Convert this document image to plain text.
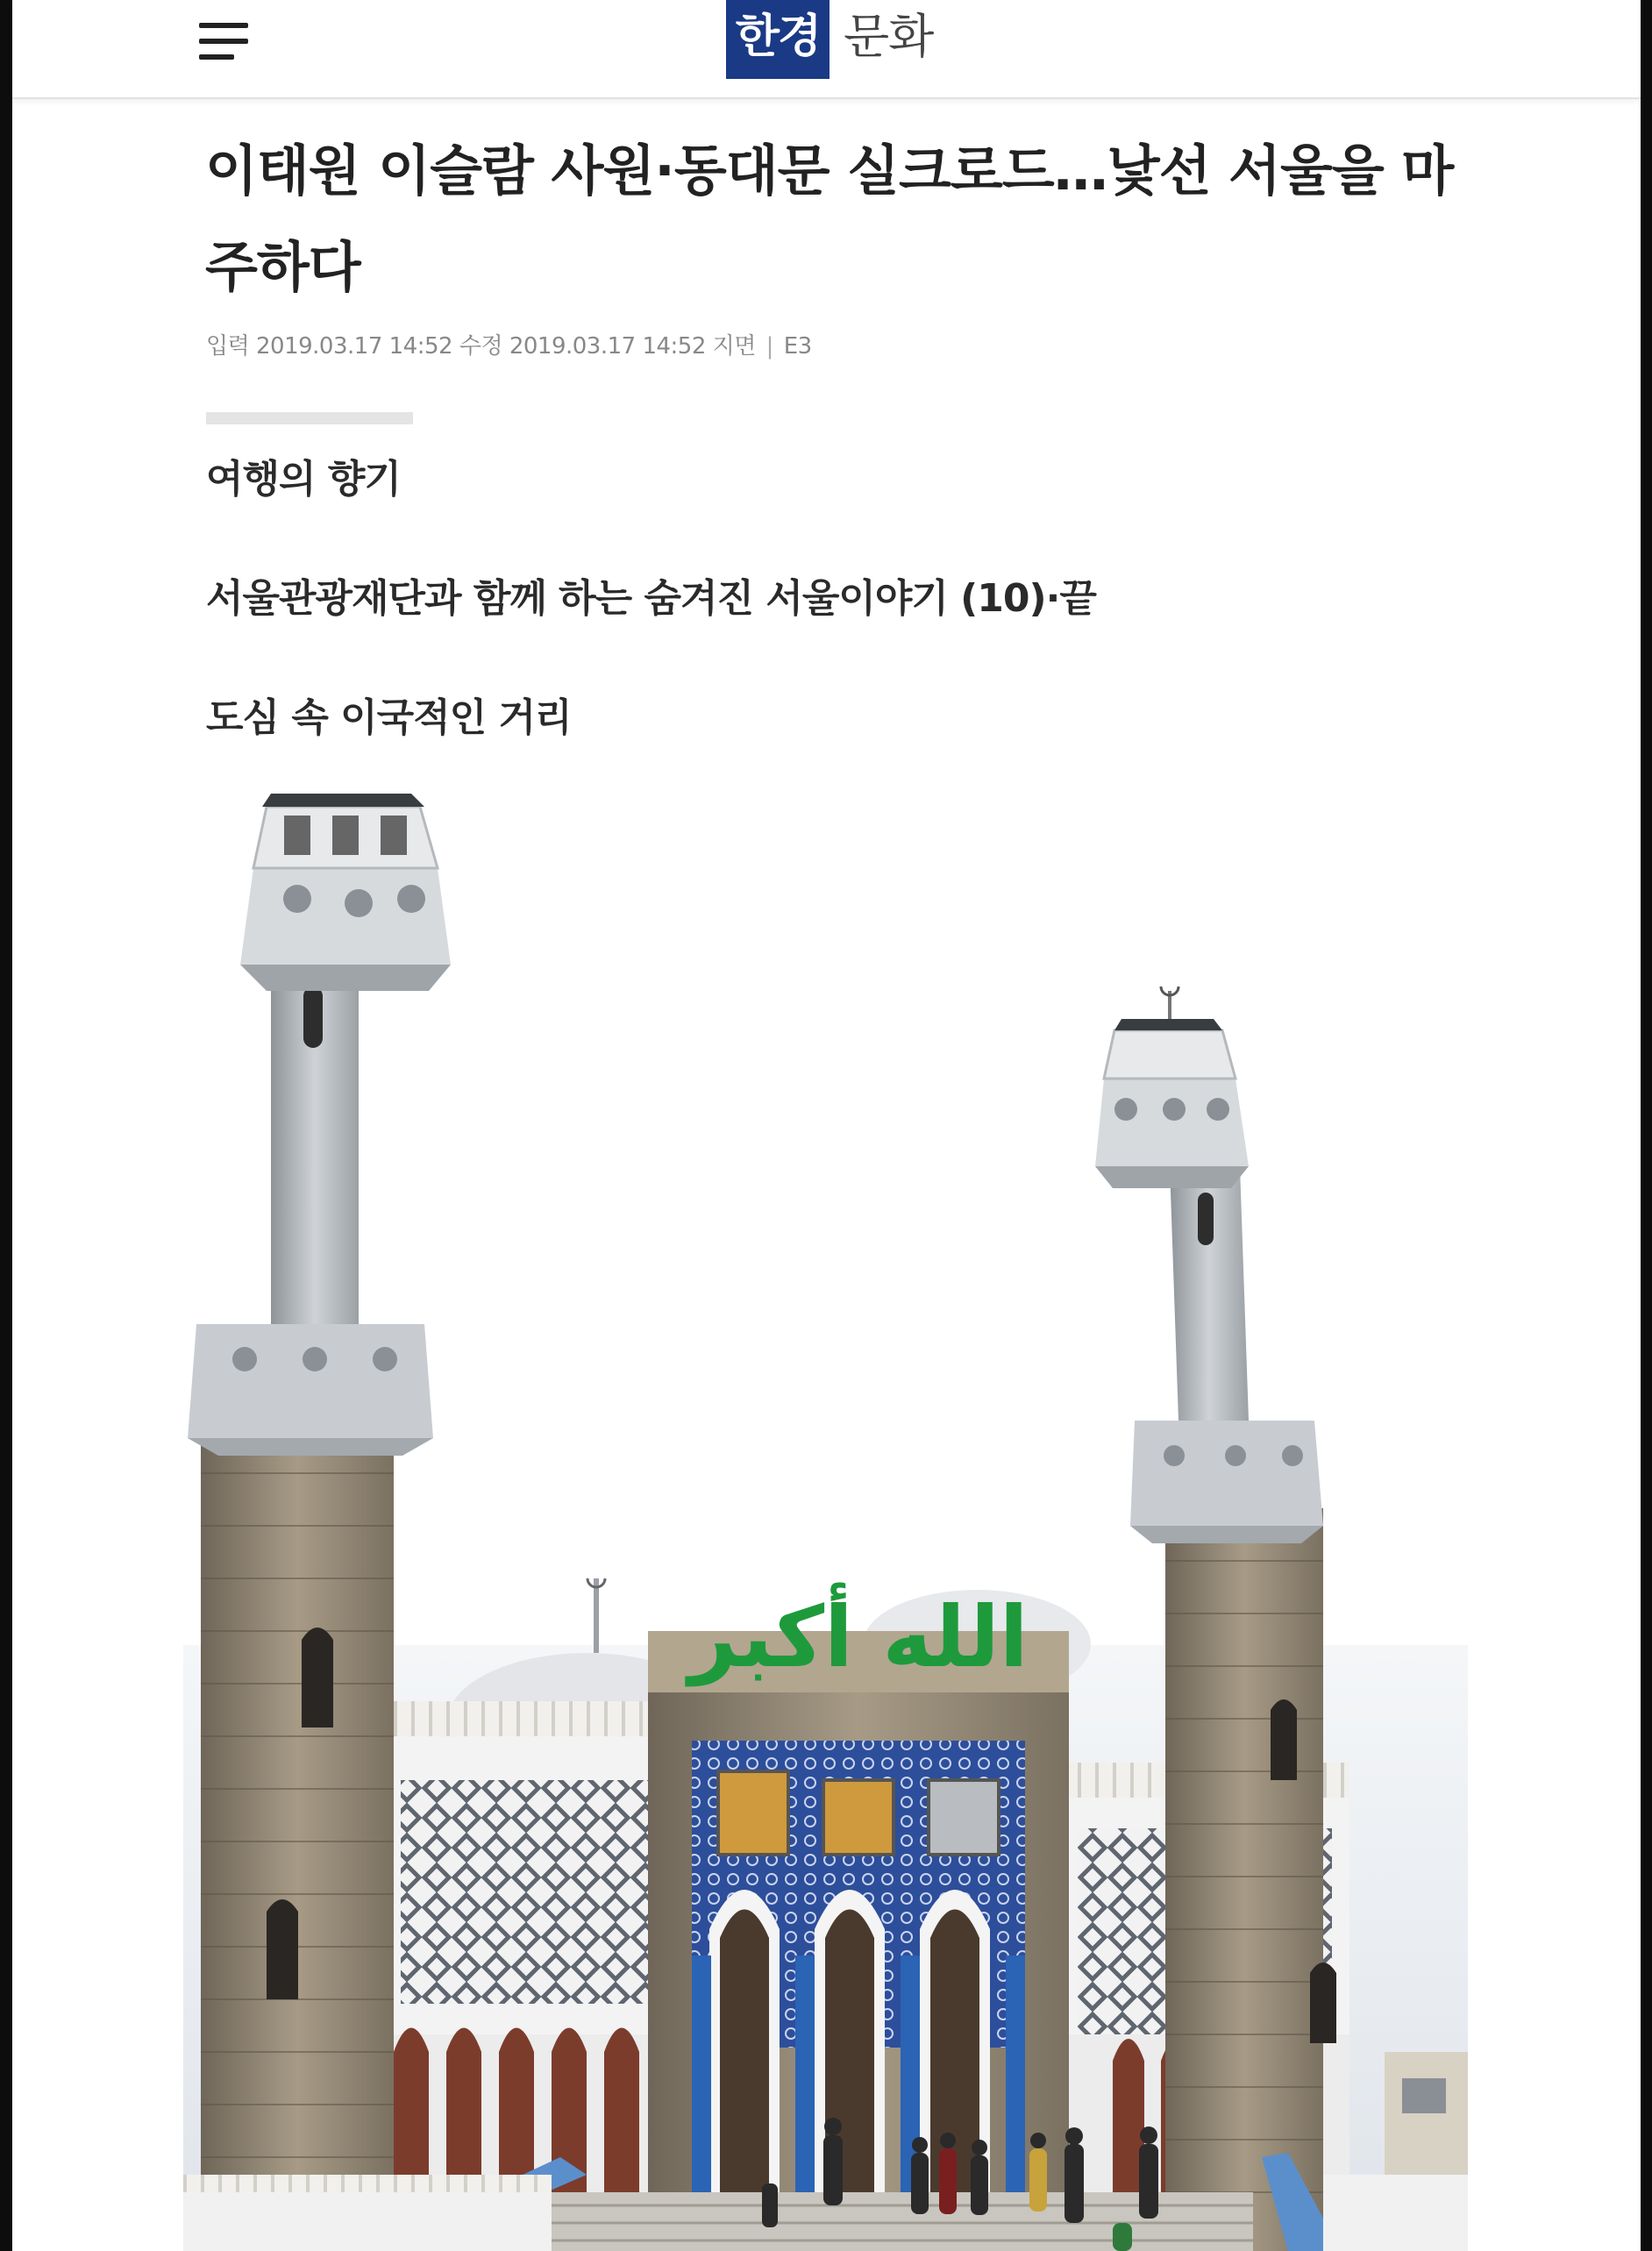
한경 문화
이태원 이슬람 사원·동대문 실크로드…낯선 서울을 마주하다
입력 2019.03.17 14:52 수정 2019.03.17 14:52 지면 | E3
여행의 향기
서울관광재단과 함께 하는 숨겨진 서울이야기 (10)·끝
도심 속 이국적인 거리
الله أكبر
